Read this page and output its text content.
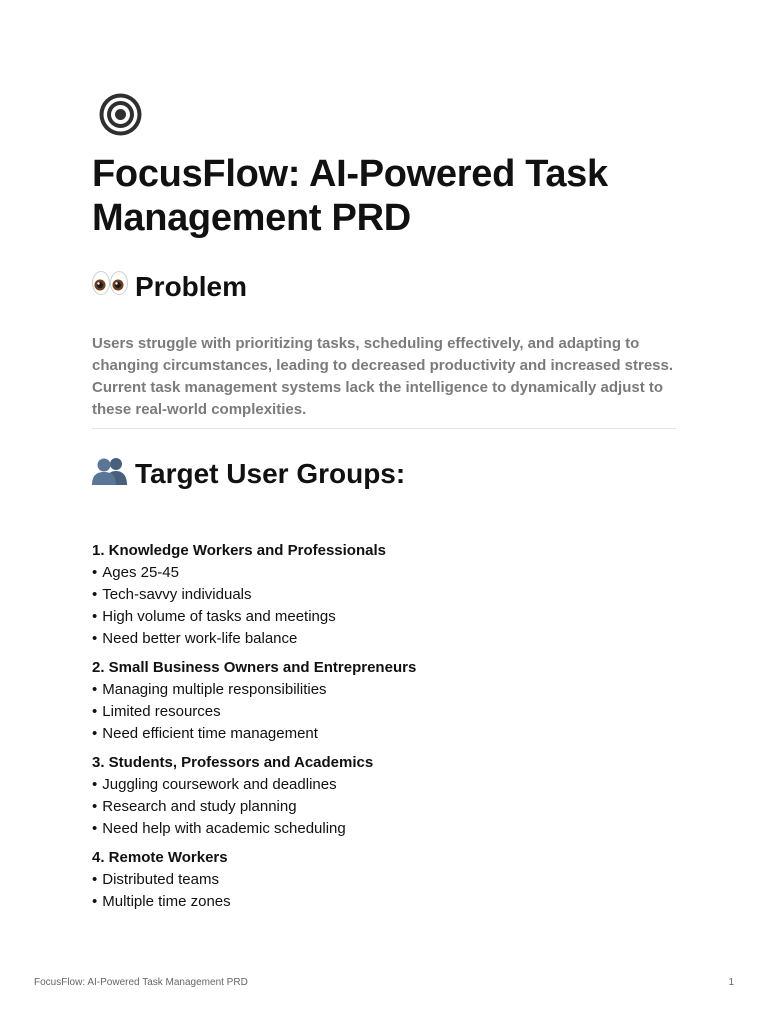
FocusFlow: AI-Powered Task Management PRD
Problem

Users struggle with prioritizing tasks, scheduling effectively, and adapting to changing circumstances, leading to decreased productivity and increased stress. Current task management systems lack the intelligence to dynamically adjust to these real-world complexities.

Target User Groups:
1. Knowledge Workers and Professionals
• Ages 25-45
• Tech-savvy individuals
• High volume of tasks and meetings
• Need better work-life balance
2. Small Business Owners and Entrepreneurs
• Managing multiple responsibilities
• Limited resources
• Need efficient time management
3. Students, Professors and Academics
• Juggling coursework and deadlines
• Research and study planning
• Need help with academic scheduling
4. Remote Workers
• Distributed teams
• Multiple time zones
FocusFlow: AI-Powered Task Management PRD	1
